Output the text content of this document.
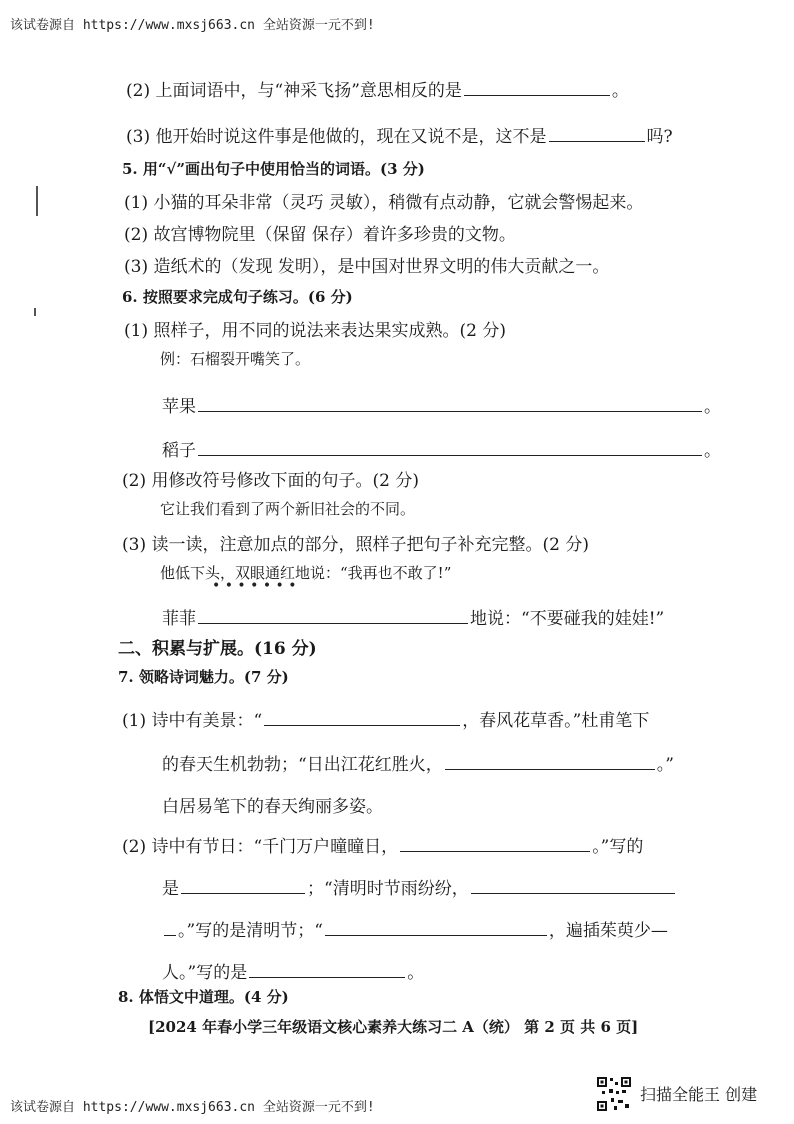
该试卷源自 https://www.mxsj663.cn 全站资源一元不到!
(2) 上面词语中，与“神采飞扬”意思相反的是	。
(3) 他开始时说这件事是他做的，现在又说不是，这不是	吗?
5. 用“√”画出句子中使用恰当的词语。(3 分)
(1) 小猫的耳朵非常（灵巧 灵敏），稍微有点动静，它就会警惕起来。
(2) 故宫博物院里（保留 保存）着许多珍贵的文物。
(3) 造纸术的（发现 发明），是中国对世界文明的伟大贡献之一。
6. 按照要求完成句子练习。(6 分)
(1) 照样子，用不同的说法来表达果实成熟。(2 分)
例：石榴裂开嘴笑了。
苹果	。
稻子	。
(2) 用修改符号修改下面的句子。(2 分)
它让我们看到了两个新旧社会的不同。
(3) 读一读，注意加点的部分，照样子把句子补充完整。(2 分)
他低下头，双眼通红地说：“我再也不敢了!”
• • • • • • •
菲菲	地说：“不要碰我的娃娃!”
二、积累与扩展。(16 分)
7. 领略诗词魅力。(7 分)
(1) 诗中有美景：“	，春风花草香。”杜甫笔下
的春天生机勃勃；“日出江花红胜火，	。”
白居易笔下的春天绚丽多姿。
(2) 诗中有节日：“千门万户曈曈日，	。”写的
是	；“清明时节雨纷纷，
。”写的是清明节；“	，遍插茱萸少—
人。”写的是	。
8. 体悟文中道理。(4 分)
[2024 年春小学三年级语文核心素养大练习二 A（统） 第 2 页 共 6 页]
该试卷源自 https://www.mxsj663.cn 全站资源一元不到!
扫描全能王 创建
